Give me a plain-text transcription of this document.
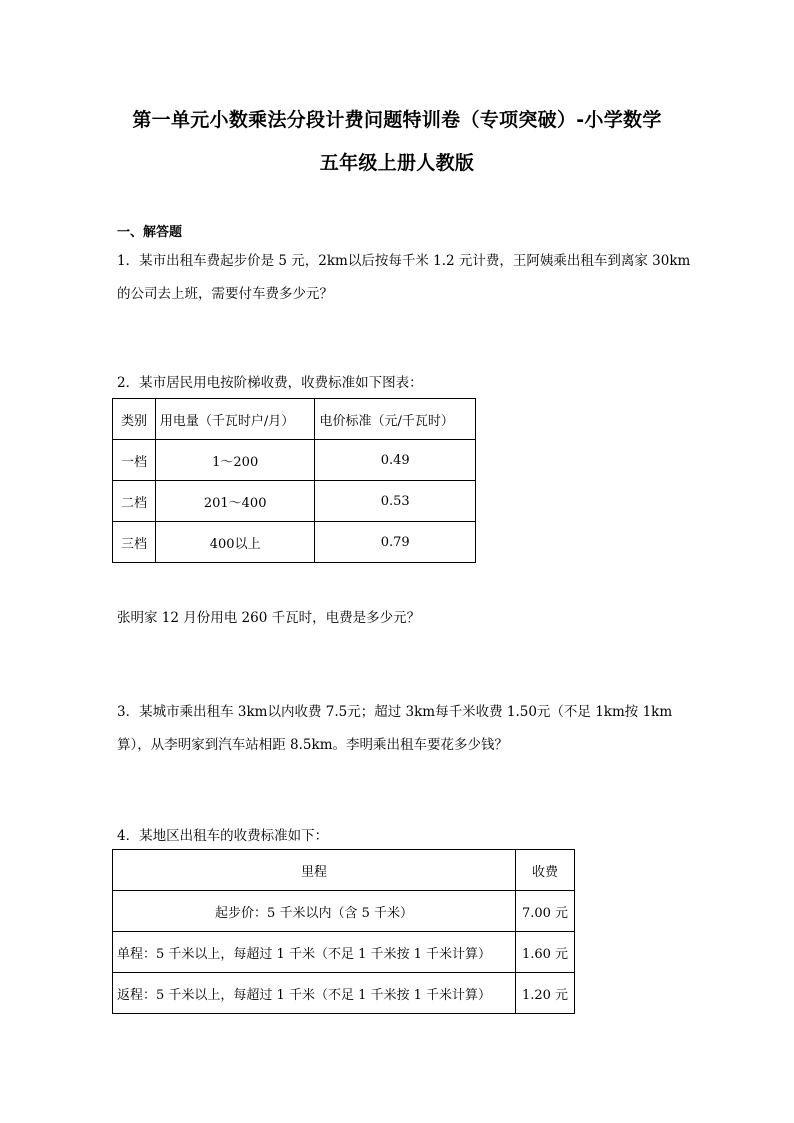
第一单元小数乘法分段计费问题特训卷（专项突破）-小学数学
五年级上册人教版
一、解答题
1．某市出租车费起步价是 5 元，2km以后按每千米 1.2 元计费，王阿姨乘出租车到离家 30km
的公司去上班，需要付车费多少元？
2．某市居民用电按阶梯收费，收费标准如下图表：
类别	用电量（千瓦时户/月）	电价标准（元/千瓦时）
一档	1～200	0.49
二档	201～400	0.53
三档	400以上	0.79
张明家 12 月份用电 260 千瓦时，电费是多少元？
3．某城市乘出租车 3km以内收费 7.5元；超过 3km每千米收费 1.50元（不足 1km按 1km
算），从李明家到汽车站相距 8.5km。李明乘出租车要花多少钱？
4．某地区出租车的收费标准如下：
里程	收费
起步价：5 千米以内（含 5 千米）	7.00 元
单程：5 千米以上，每超过 1 千米（不足 1 千米按 1 千米计算）	1.60 元
返程：5 千米以上，每超过 1 千米（不足 1 千米按 1 千米计算）	1.20 元
